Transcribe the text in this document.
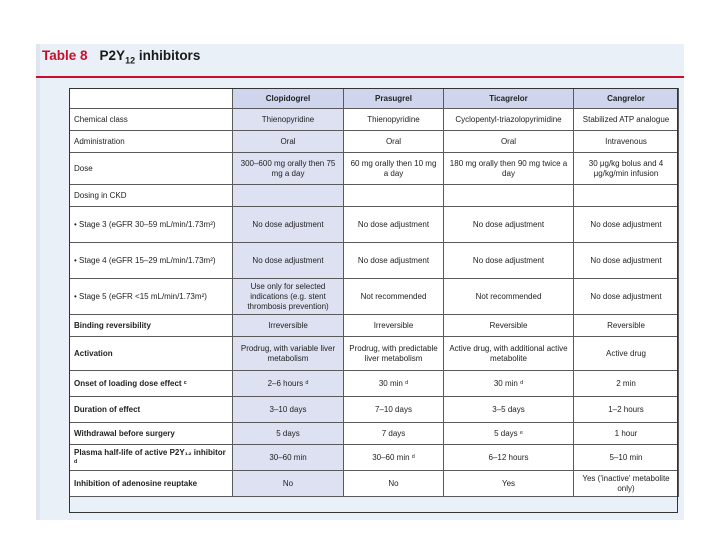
Table 8 $P2Y_{12}$ inhibitors
	Clopidogrel	Prasugrel	Ticagrelor	Cangrelor
Chemical class	Thienopyridine	Thienopyridine	Cyclopentyl-triazolopyrimidine	Stabilized ATP analogue
Administration	Oral	Oral	Oral	Intravenous
Dose	300–600 mg orally then 75 mg a day	60 mg orally then 10 mg a day	180 mg orally then 90 mg twice a day	30 μg/kg bolus and 4 μg/kg/min infusion
Dosing in CKD				
• Stage 3 (eGFR 30–59 mL/min/1.73m²)	No dose adjustment	No dose adjustment	No dose adjustment	No dose adjustment
• Stage 4 (eGFR 15–29 mL/min/1.73m²)	No dose adjustment	No dose adjustment	No dose adjustment	No dose adjustment
• Stage 5 (eGFR <15 mL/min/1.73m²)	Use only for selected indications (e.g. stent thrombosis prevention)	Not recommended	Not recommended	No dose adjustment
Binding reversibility	Irreversible	Irreversible	Reversible	Reversible
Activation	Prodrug, with variable liver metabolism	Prodrug, with predictable liver metabolism	Active drug, with additional active metabolite	Active drug
Onset of loading dose effect ᶜ	2–6 hours ᵈ	30 min ᵈ	30 min ᵈ	2 min
Duration of effect	3–10 days	7–10 days	3–5 days	1–2 hours
Withdrawal before surgery	5 days	7 days	5 days ᵉ	1 hour
Plasma half-life of active P2Y₁₂ inhibitor ᵈ	30–60 min	30–60 min ᵈ	6–12 hours	5–10 min
Inhibition of adenosine reuptake	No	No	Yes	Yes ('inactive' metabolite only)
